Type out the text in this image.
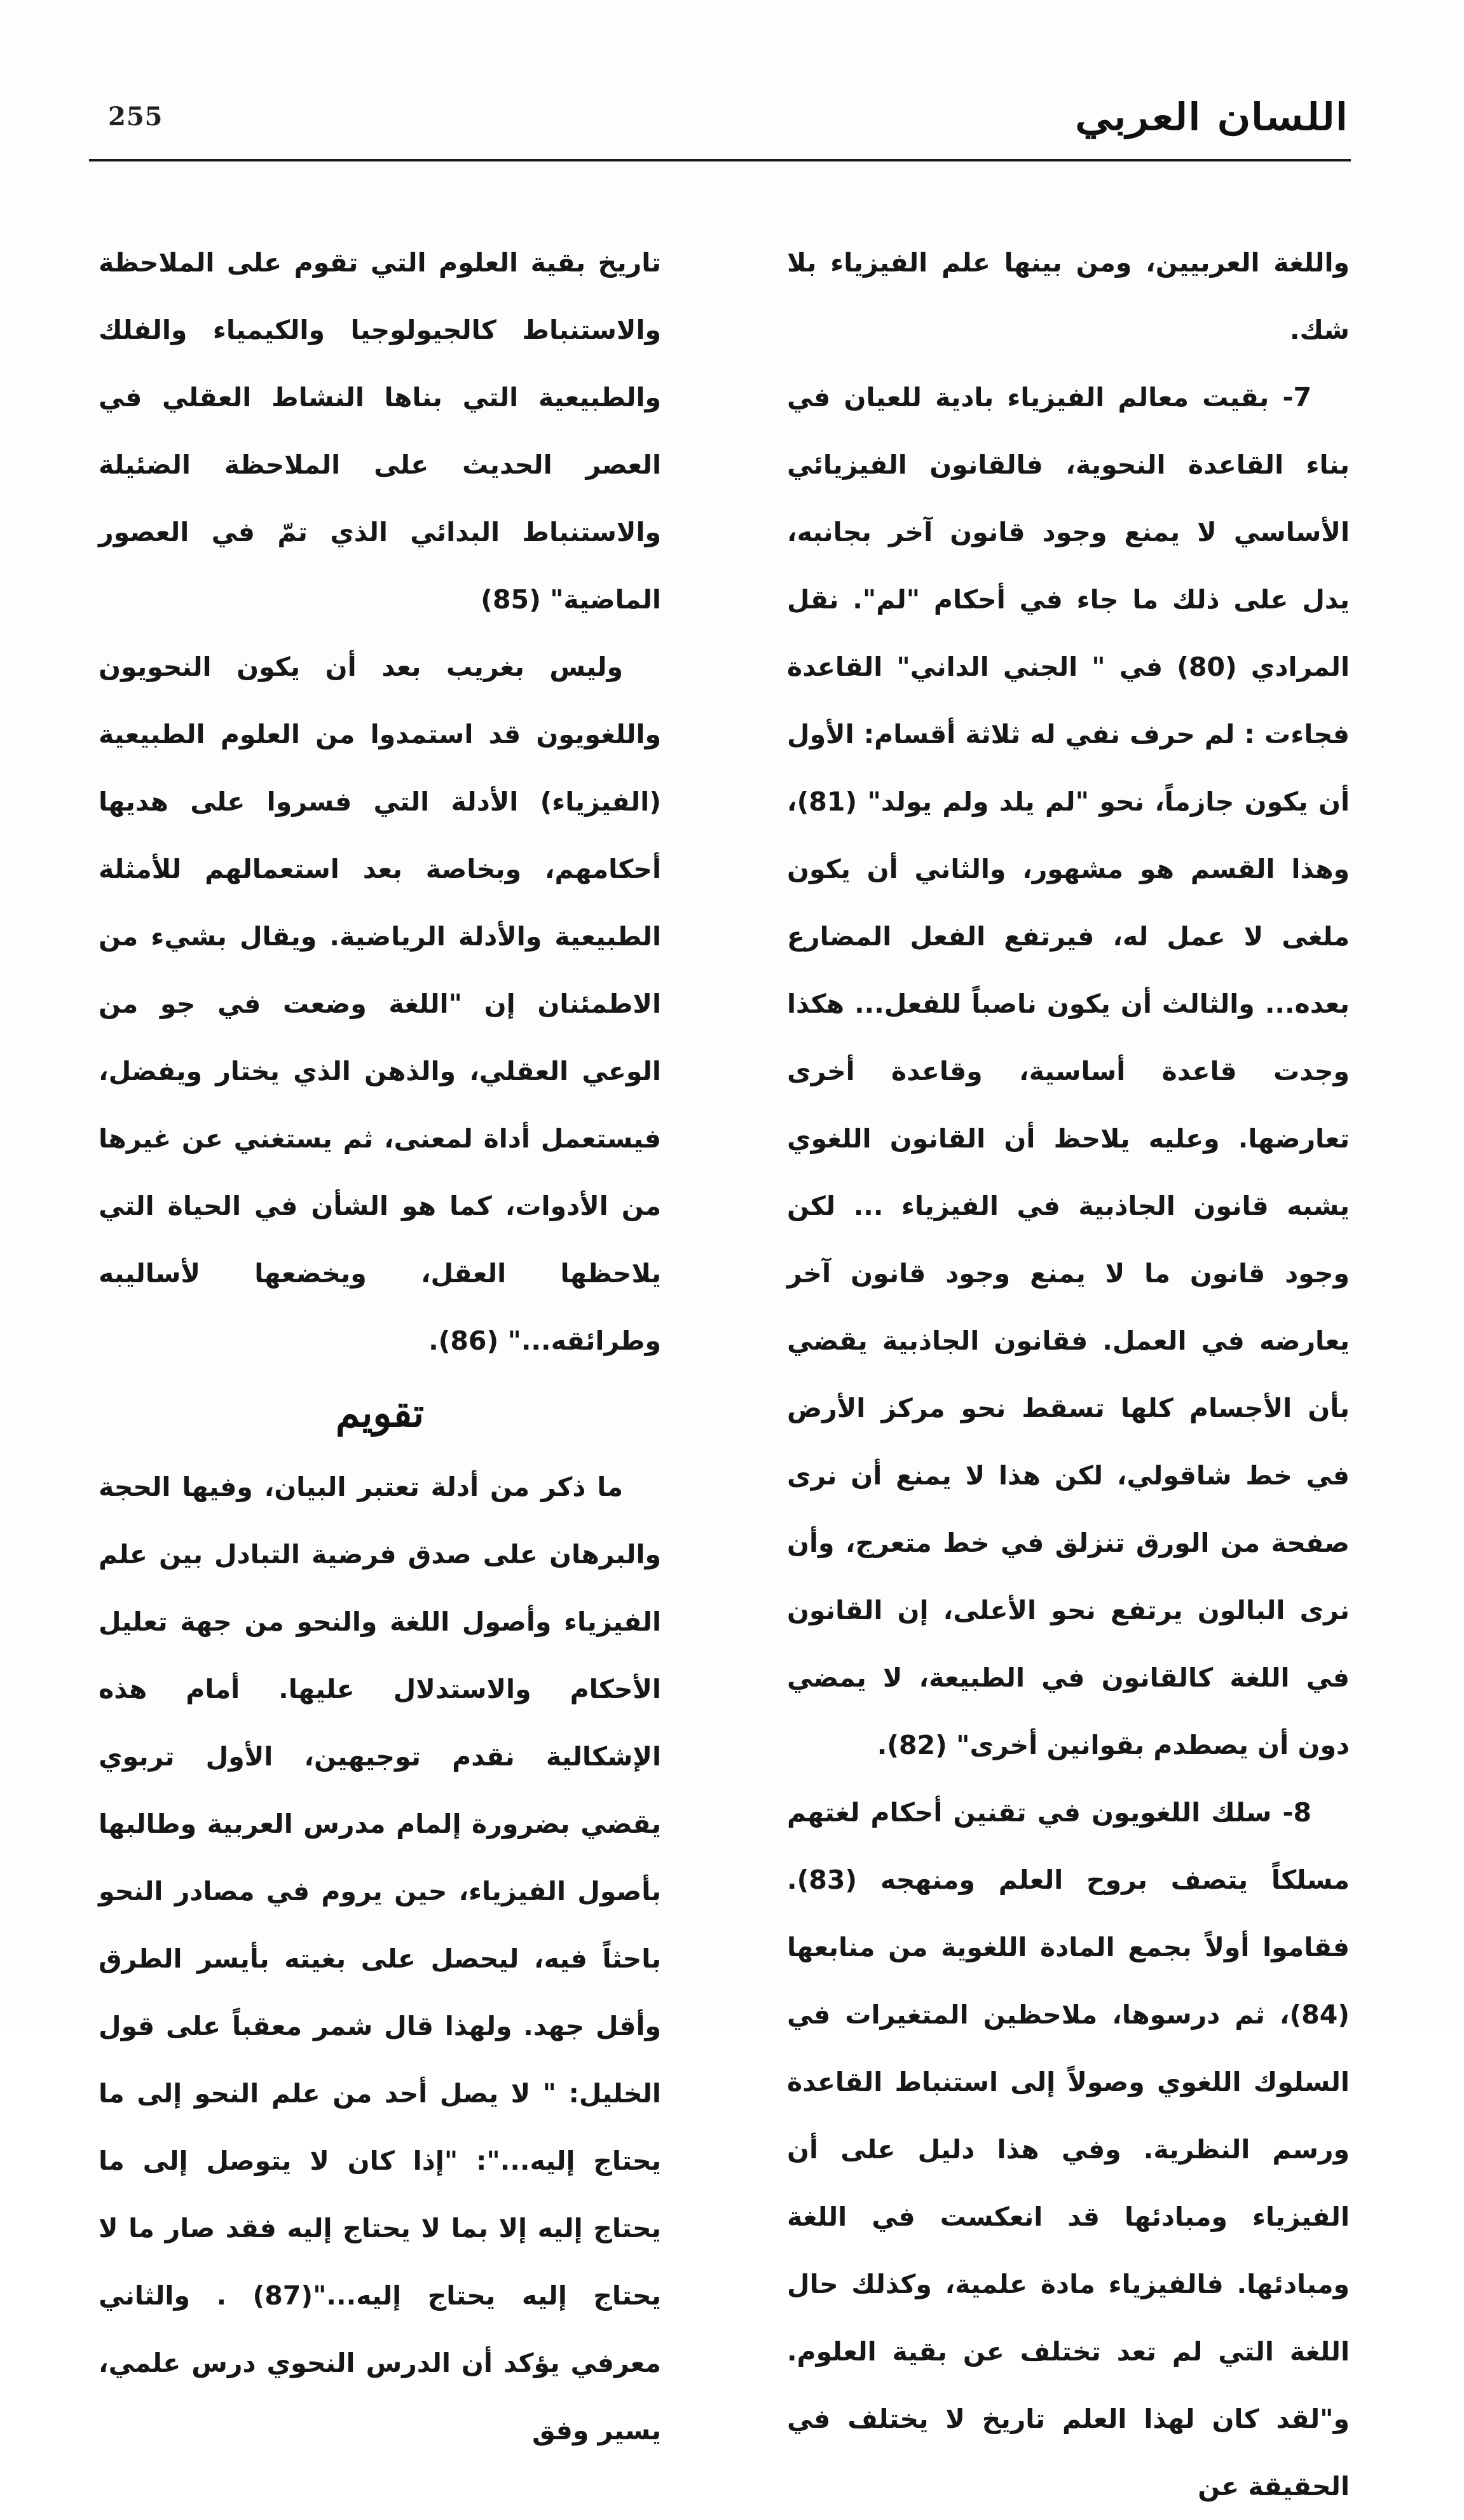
255	اللسان العربي

واللغة العربيين، ومن بينها علم الفيزياء بلا شك.

7- بقيت معالم الفيزياء بادية للعيان في بناء القاعدة النحوية، فالقانون الفيزيائي الأساسي لا يمنع وجود قانون آخر بجانبه، يدل على ذلك ما جاء في أحكام "لم". نقل المرادي (80) في " الجني الداني" القاعدة فجاءت : لم حرف نفي له ثلاثة أقسام: الأول أن يكون جازماً، نحو "لم يلد ولم يولد" (81)، وهذا القسم هو مشهور، والثاني أن يكون ملغى لا عمل له، فيرتفع الفعل المضارع بعده... والثالث أن يكون ناصباً للفعل... هكذا وجدت قاعدة أساسية، وقاعدة أخرى تعارضها. وعليه يلاحظ أن القانون اللغوي يشبه قانون الجاذبية في الفيزياء ... لكن وجود قانون ما لا يمنع وجود قانون آخر يعارضه في العمل. فقانون الجاذبية يقضي بأن الأجسام كلها تسقط نحو مركز الأرض في خط شاقولي، لكن هذا لا يمنع أن نرى صفحة من الورق تنزلق في خط متعرج، وأن نرى البالون يرتفع نحو الأعلى، إن القانون في اللغة كالقانون في الطبيعة، لا يمضي دون أن يصطدم بقوانين أخرى" (82).

8- سلك اللغويون في تقنين أحكام لغتهم مسلكاً يتصف بروح العلم ومنهجه (83). فقاموا أولاً بجمع المادة اللغوية من منابعها (84)، ثم درسوها، ملاحظين المتغيرات في السلوك اللغوي وصولاً إلى استنباط القاعدة ورسم النظرية. وفي هذا دليل على أن الفيزياء ومبادئها قد انعكست في اللغة ومبادئها. فالفيزياء مادة علمية، وكذلك حال اللغة التي لم تعد تختلف عن بقية العلوم. و"لقد كان لهذا العلم تاريخ لا يختلف في الحقيقة عن

تاريخ بقية العلوم التي تقوم على الملاحظة والاستنباط كالجيولوجيا والكيمياء والفلك والطبيعية التي بناها النشاط العقلي في العصر الحديث على الملاحظة الضئيلة والاستنباط البدائي الذي تمّ في العصور الماضية" (85)

وليس بغريب بعد أن يكون النحويون واللغويون قد استمدوا من العلوم الطبيعية (الفيزياء) الأدلة التي فسروا على هديها أحكامهم، وبخاصة بعد استعمالهم للأمثلة الطبيعية والأدلة الرياضية. ويقال بشيء من الاطمئنان إن "اللغة وضعت في جو من الوعي العقلي، والذهن الذي يختار ويفضل، فيستعمل أداة لمعنى، ثم يستغني عن غيرها من الأدوات، كما هو الشأن في الحياة التي يلاحظها العقل، ويخضعها لأساليبه وطرائقه..." (86).

تقويم

ما ذكر من أدلة تعتبر البيان، وفيها الحجة والبرهان على صدق فرضية التبادل بين علم الفيزياء وأصول اللغة والنحو من جهة تعليل الأحكام والاستدلال عليها. أمام هذه الإشكالية نقدم توجيهين، الأول تربوي يقضي بضرورة إلمام مدرس العربية وطالبها بأصول الفيزياء، حين يروم في مصادر النحو باحثاً فيه، ليحصل على بغيته بأيسر الطرق وأقل جهد. ولهذا قال شمر معقباً على قول الخليل: " لا يصل أحد من علم النحو إلى ما يحتاج إليه...": "إذا كان لا يتوصل إلى ما يحتاج إليه إلا بما لا يحتاج إليه فقد صار ما لا يحتاج إليه يحتاج إليه..."(87) . والثاني معرفي يؤكد أن الدرس النحوي درس علمي، يسير وفق
